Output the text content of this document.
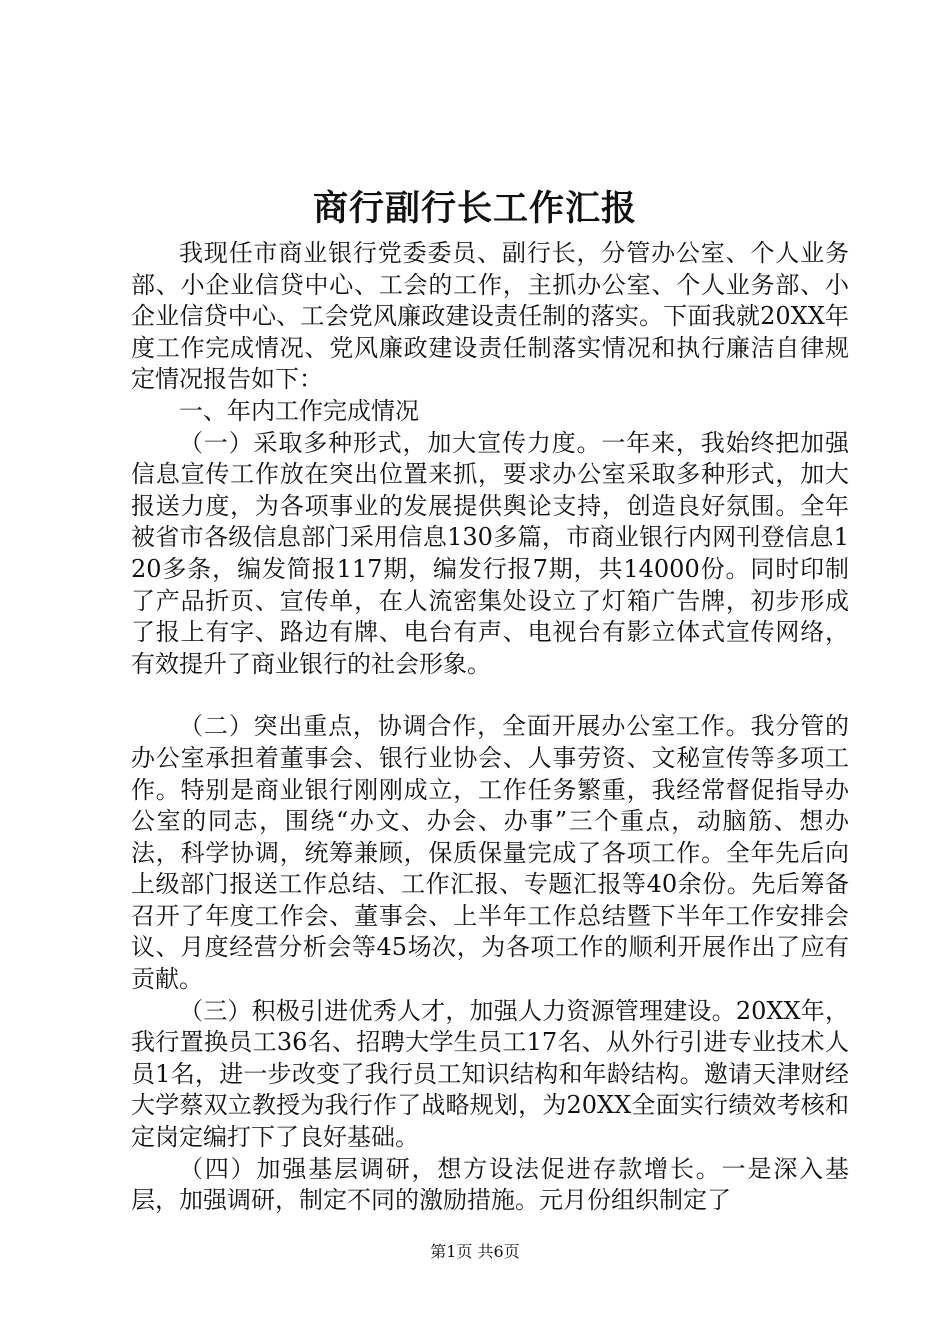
商行副行长工作汇报

我现任市商业银行党委委员、副行长，分管办公室、个人业务部、小企业信贷中心、工会的工作，主抓办公室、个人业务部、小企业信贷中心、工会党风廉政建设责任制的落实。下面我就20XX年度工作完成情况、党风廉政建设责任制落实情况和执行廉洁自律规定情况报告如下：

一、年内工作完成情况

（一）采取多种形式，加大宣传力度。一年来，我始终把加强信息宣传工作放在突出位置来抓，要求办公室采取多种形式，加大报送力度，为各项事业的发展提供舆论支持，创造良好氛围。全年被省市各级信息部门采用信息130多篇，市商业银行内网刊登信息120多条，编发简报117期，编发行报7期，共14000份。同时印制了产品折页、宣传单，在人流密集处设立了灯箱广告牌，初步形成了报上有字、路边有牌、电台有声、电视台有影立体式宣传网络，有效提升了商业银行的社会形象。

（二）突出重点，协调合作，全面开展办公室工作。我分管的办公室承担着董事会、银行业协会、人事劳资、文秘宣传等多项工作。特别是商业银行刚刚成立，工作任务繁重，我经常督促指导办公室的同志，围绕“办文、办会、办事”三个重点，动脑筋、想办法，科学协调，统筹兼顾，保质保量完成了各项工作。全年先后向上级部门报送工作总结、工作汇报、专题汇报等40余份。先后筹备召开了年度工作会、董事会、上半年工作总结暨下半年工作安排会议、月度经营分析会等45场次，为各项工作的顺利开展作出了应有贡献。

（三）积极引进优秀人才，加强人力资源管理建设。20XX年，我行置换员工36名、招聘大学生员工17名、从外行引进专业技术人员1名，进一步改变了我行员工知识结构和年龄结构。邀请天津财经大学蔡双立教授为我行作了战略规划，为20XX全面实行绩效考核和定岗定编打下了良好基础。

（四）加强基层调研，想方设法促进存款增长。一是深入基层，加强调研，制定不同的激励措施。元月份组织制定了

第1页 共6页
